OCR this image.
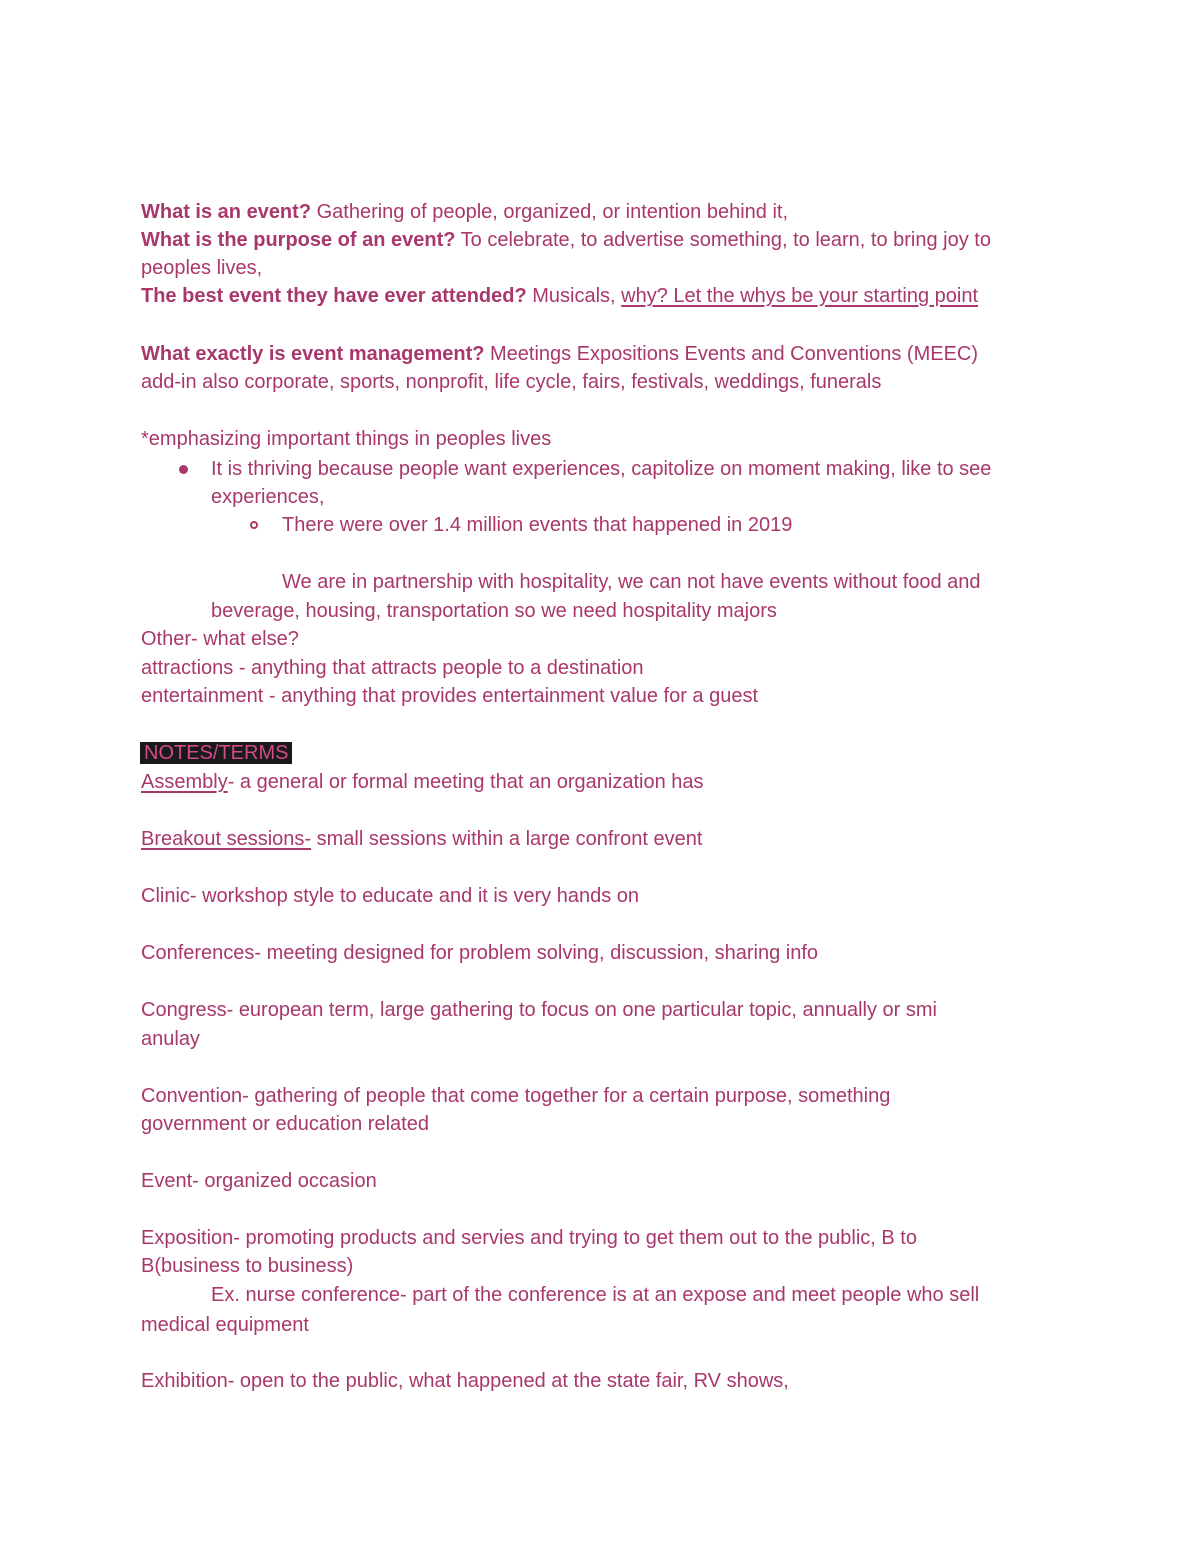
What is an event? Gathering of people, organized, or intention behind it,
What is the purpose of an event? To celebrate, to advertise something, to learn, to bring joy to
peoples lives,
The best event they have ever attended? Musicals, why? Let the whys be your starting point
What exactly is event management? Meetings Expositions Events and Conventions (MEEC)
add-in also corporate, sports, nonprofit, life cycle, fairs, festivals, weddings, funerals
*emphasizing important things in peoples lives
It is thriving because people want experiences, capitolize on moment making, like to see
experiences,
There were over 1.4 million events that happened in 2019
We are in partnership with hospitality, we can not have events without food and
beverage, housing, transportation so we need hospitality majors
Other- what else?
attractions - anything that attracts people to a destination
entertainment - anything that provides entertainment value for a guest
NOTES/TERMS
Assembly- a general or formal meeting that an organization has
Breakout sessions- small sessions within a large confront event
Clinic- workshop style to educate and it is very hands on
Conferences- meeting designed for problem solving, discussion, sharing info
Congress- european term, large gathering to focus on one particular topic, annually or smi
anulay
Convention- gathering of people that come together for a certain purpose, something
government or education related
Event- organized occasion
Exposition- promoting products and servies and trying to get them out to the public, B to
B(business to business)
Ex. nurse conference- part of the conference is at an expose and meet people who sell
medical equipment
Exhibition- open to the public, what happened at the state fair, RV shows,
